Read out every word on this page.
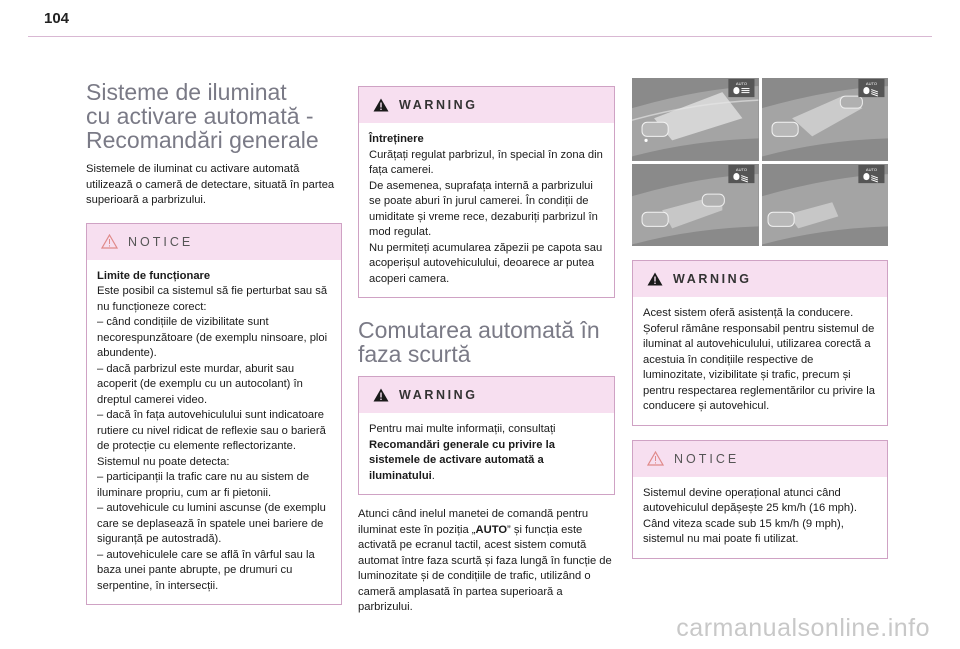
104
Sisteme de iluminat
cu activare automată -
Recomandări generale

Sistemele de iluminat cu activare automată utilizează o cameră de detectare, situată în partea superioară a parbrizului.

NOTICE
Limite de funcționare
Este posibil ca sistemul să fie perturbat sau să nu funcționeze corect:
– când condițiile de vizibilitate sunt necorespunzătoare (de exemplu ninsoare, ploi abundente).
– dacă parbrizul este murdar, aburit sau acoperit (de exemplu cu un autocolant) în dreptul camerei video.
– dacă în fața autovehiculului sunt indicatoare rutiere cu nivel ridicat de reflexie sau o barieră de protecție cu elemente reflectorizante.
Sistemul nu poate detecta:
– participanții la trafic care nu au sistem de iluminare propriu, cum ar fi pietonii.
– autovehicule cu lumini ascunse (de exemplu care se deplasează în spatele unei bariere de siguranță pe autostradă).
– autovehiculele care se află în vârful sau la baza unei pante abrupte, pe drumuri cu serpentine, în intersecții.
WARNING
Întreținere
Curățați regulat parbrizul, în special în zona din fața camerei.
De asemenea, suprafața internă a parbrizului se poate aburi în jurul camerei. În condiții de umiditate și vreme rece, dezaburiți parbrizul în mod regulat.
Nu permiteți acumularea zăpezii pe capota sau acoperișul autovehiculului, deoarece ar putea acoperi camera.
Comutarea automată în
faza scurtă
WARNING
Pentru mai multe informații, consultați Recomandări generale cu privire la sistemele de activare automată a iluminatului.

Atunci când inelul manetei de comandă pentru iluminat este în poziția „AUTO” și funcția este activată pe ecranul tactil, acest sistem comută automat între faza scurtă și faza lungă în funcție de luminozitate și de condițiile de trafic, utilizând o cameră amplasată în partea superioară a parbrizului.

AUTO	AUTO
AUTO	AUTO
WARNING
Acest sistem oferă asistență la conducere. Șoferul rămâne responsabil pentru sistemul de iluminat al autovehiculului, utilizarea corectă a acestuia în condițiile respective de luminozitate, vizibilitate și trafic, precum și pentru respectarea reglementărilor cu privire la conducere și autovehicul.
NOTICE
Sistemul devine operațional atunci când autovehiculul depășește 25 km/h (16 mph). Când viteza scade sub 15 km/h (9 mph), sistemul nu mai poate fi utilizat.
carmanualsonline.info
